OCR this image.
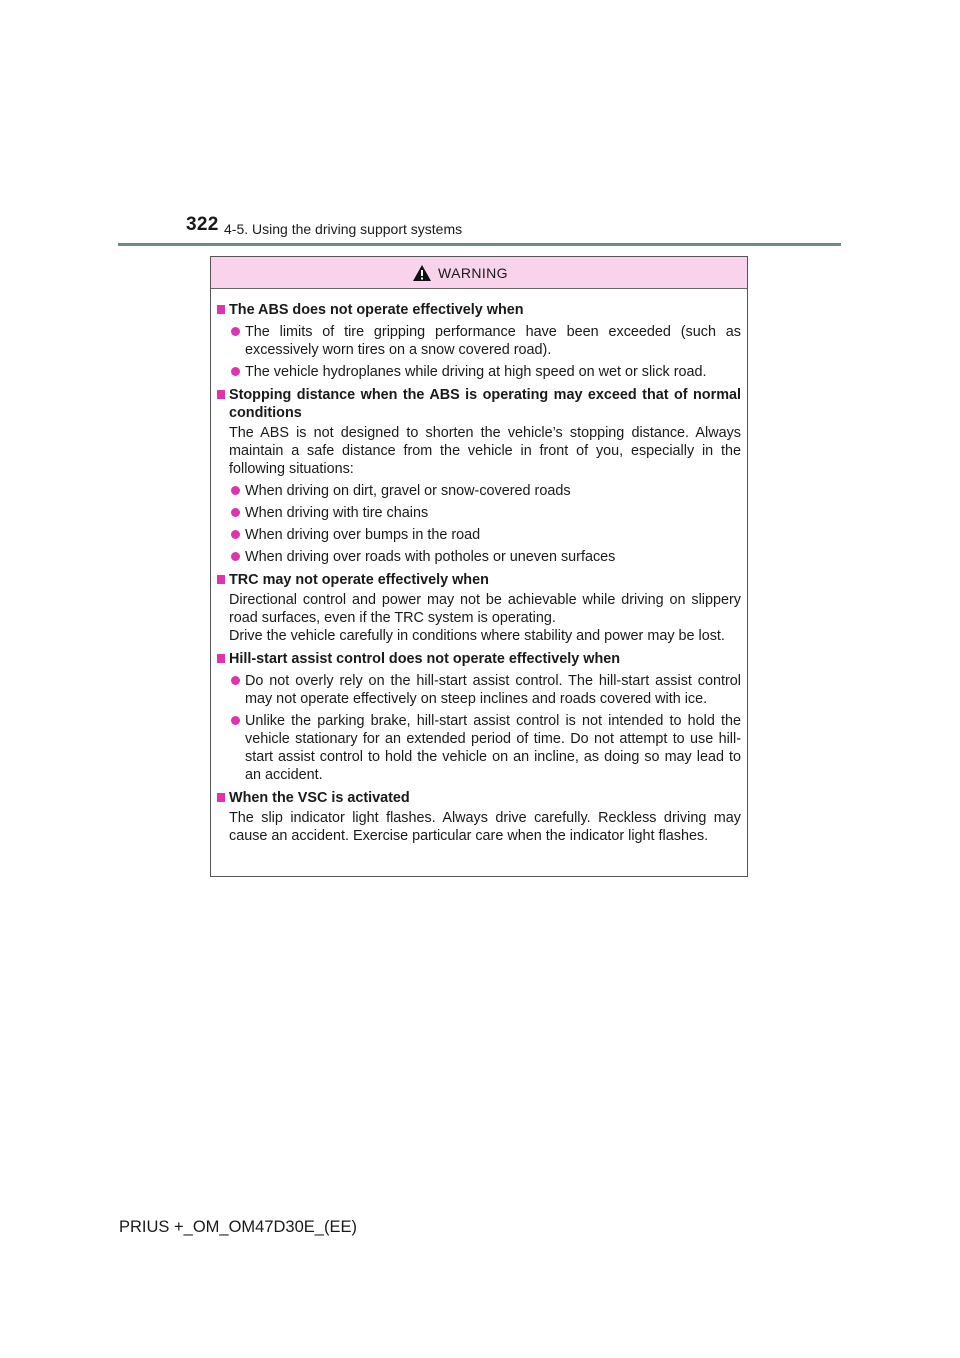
322 4-5. Using the driving support systems
WARNING
The ABS does not operate effectively when
The limits of tire gripping performance have been exceeded (such as excessively worn tires on a snow covered road).
The vehicle hydroplanes while driving at high speed on wet or slick road.
Stopping distance when the ABS is operating may exceed that of normal conditions
The ABS is not designed to shorten the vehicle’s stopping distance. Always maintain a safe distance from the vehicle in front of you, especially in the following situations:
When driving on dirt, gravel or snow-covered roads
When driving with tire chains
When driving over bumps in the road
When driving over roads with potholes or uneven surfaces
TRC may not operate effectively when
Directional control and power may not be achievable while driving on slippery road surfaces, even if the TRC system is operating.
Drive the vehicle carefully in conditions where stability and power may be lost.
Hill-start assist control does not operate effectively when
Do not overly rely on the hill-start assist control. The hill-start assist control may not operate effectively on steep inclines and roads covered with ice.
Unlike the parking brake, hill-start assist control is not intended to hold the vehicle stationary for an extended period of time. Do not attempt to use hill-start assist control to hold the vehicle on an incline, as doing so may lead to an accident.
When the VSC is activated
The slip indicator light flashes. Always drive carefully. Reckless driving may cause an accident. Exercise particular care when the indicator light flashes.
PRIUS +_OM_OM47D30E_(EE)
